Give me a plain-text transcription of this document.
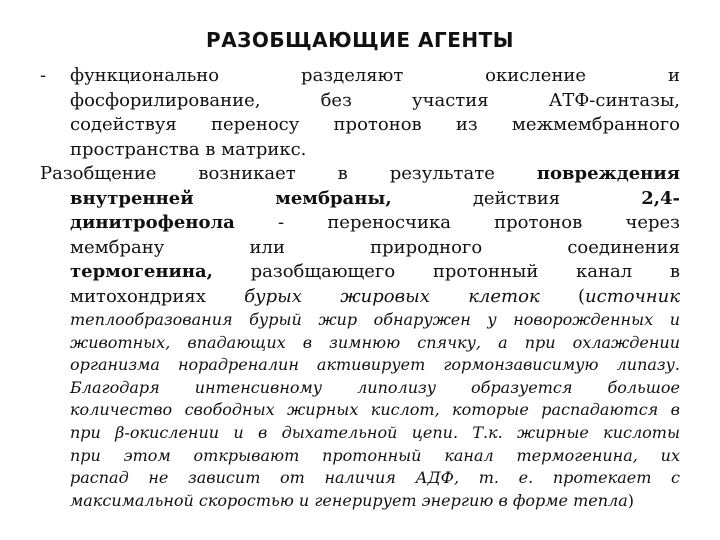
РАЗОБЩАЮЩИЕ АГЕНТЫ
- функционально разделяют окисление и
фосфорилирование, без участия АТФ-синтазы,
содействуя переносу протонов из межмембранного
пространства в матрикс.
Разобщение возникает в результате повреждения
внутренней мембраны, действия 2,4-
динитрофенола - переносчика протонов через
мембрану или природного соединения
термогенина, разобщающего протонный канал в
митохондриях бурых жировых клеток (источник
теплообразования бурый жир обнаружен у новорожденных и
животных, впадающих в зимнюю спячку, а при охлаждении
организма норадреналин активирует гормонзависимую липазу.
Благодаря интенсивному липолизу образуется большое
количество свободных жирных кислот, которые распадаются в
при β-окислении и в дыхательной цепи. Т.к. жирные кислоты
при этом открывают протонный канал термогенина, их
распад не зависит от наличия АДФ, т. е. протекает с
максимальной скоростью и генерирует энергию в форме тепла)
